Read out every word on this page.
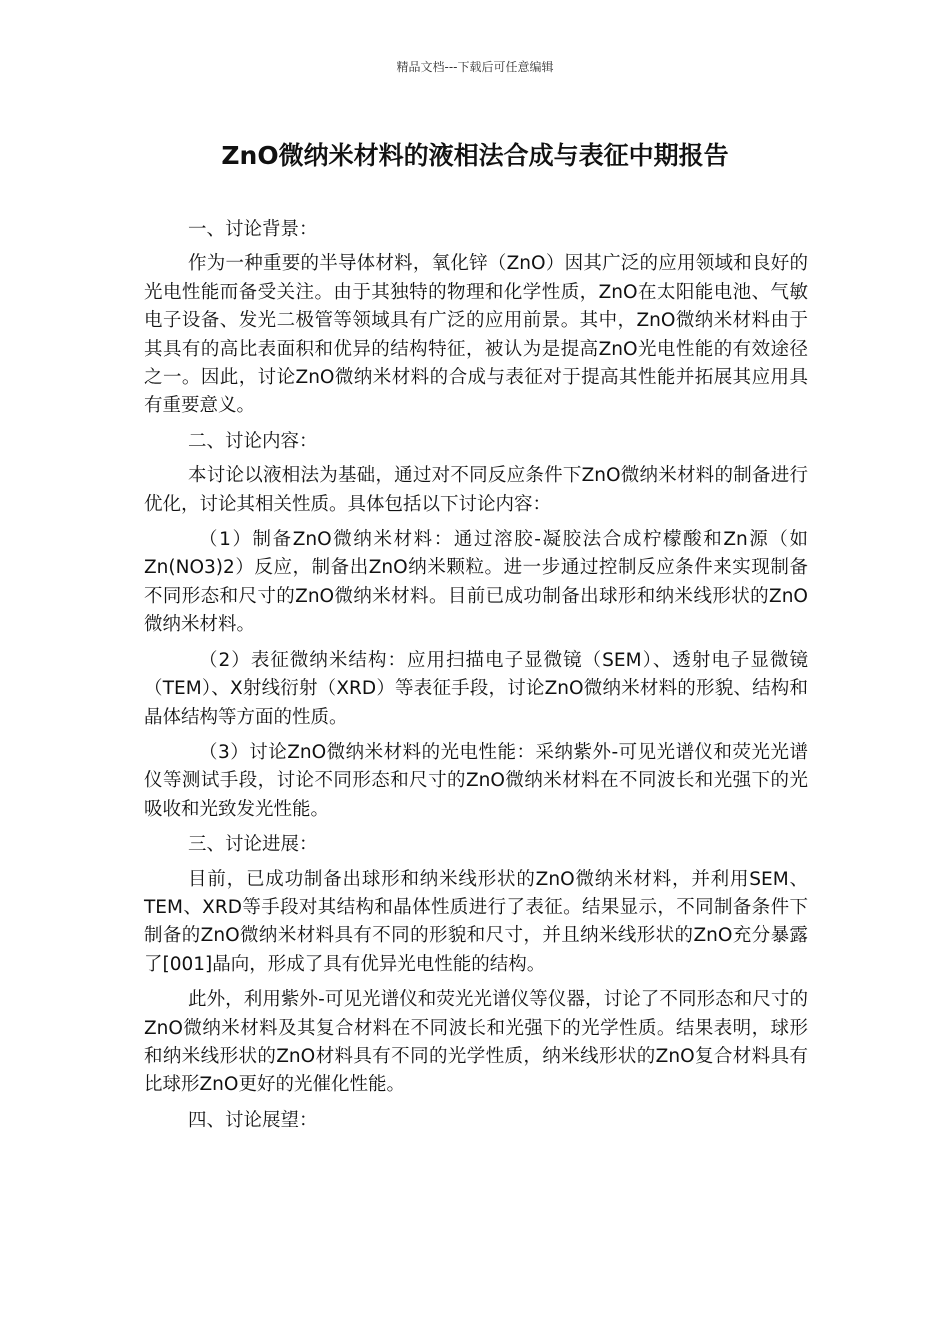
精品文档---下载后可任意编辑
ZnO微纳米材料的液相法合成与表征中期报告

一、讨论背景：

作为一种重要的半导体材料，氧化锌（ZnO）因其广泛的应用领域和良好的光电性能而备受关注。由于其独特的物理和化学性质，ZnO在太阳能电池、气敏电子设备、发光二极管等领域具有广泛的应用前景。其中，ZnO微纳米材料由于其具有的高比表面积和优异的结构特征，被认为是提高ZnO光电性能的有效途径之一。因此，讨论ZnO微纳米材料的合成与表征对于提高其性能并拓展其应用具有重要意义。

二、讨论内容：

本讨论以液相法为基础，通过对不同反应条件下ZnO微纳米材料的制备进行优化，讨论其相关性质。具体包括以下讨论内容：

（1）制备ZnO微纳米材料：通过溶胶-凝胶法合成柠檬酸和Zn源（如Zn(NO3)2）反应，制备出ZnO纳米颗粒。进一步通过控制反应条件来实现制备不同形态和尺寸的ZnO微纳米材料。目前已成功制备出球形和纳米线形状的ZnO微纳米材料。

（2）表征微纳米结构：应用扫描电子显微镜（SEM）、透射电子显微镜（TEM）、X射线衍射（XRD）等表征手段，讨论ZnO微纳米材料的形貌、结构和晶体结构等方面的性质。

（3）讨论ZnO微纳米材料的光电性能：采纳紫外-可见光谱仪和荧光光谱仪等测试手段，讨论不同形态和尺寸的ZnO微纳米材料在不同波长和光强下的光吸收和光致发光性能。

三、讨论进展：

目前，已成功制备出球形和纳米线形状的ZnO微纳米材料，并利用SEM、TEM、XRD等手段对其结构和晶体性质进行了表征。结果显示，不同制备条件下制备的ZnO微纳米材料具有不同的形貌和尺寸，并且纳米线形状的ZnO充分暴露了[001]晶向，形成了具有优异光电性能的结构。

此外，利用紫外-可见光谱仪和荧光光谱仪等仪器，讨论了不同形态和尺寸的ZnO微纳米材料及其复合材料在不同波长和光强下的光学性质。结果表明，球形和纳米线形状的ZnO材料具有不同的光学性质，纳米线形状的ZnO复合材料具有比球形ZnO更好的光催化性能。

四、讨论展望：
